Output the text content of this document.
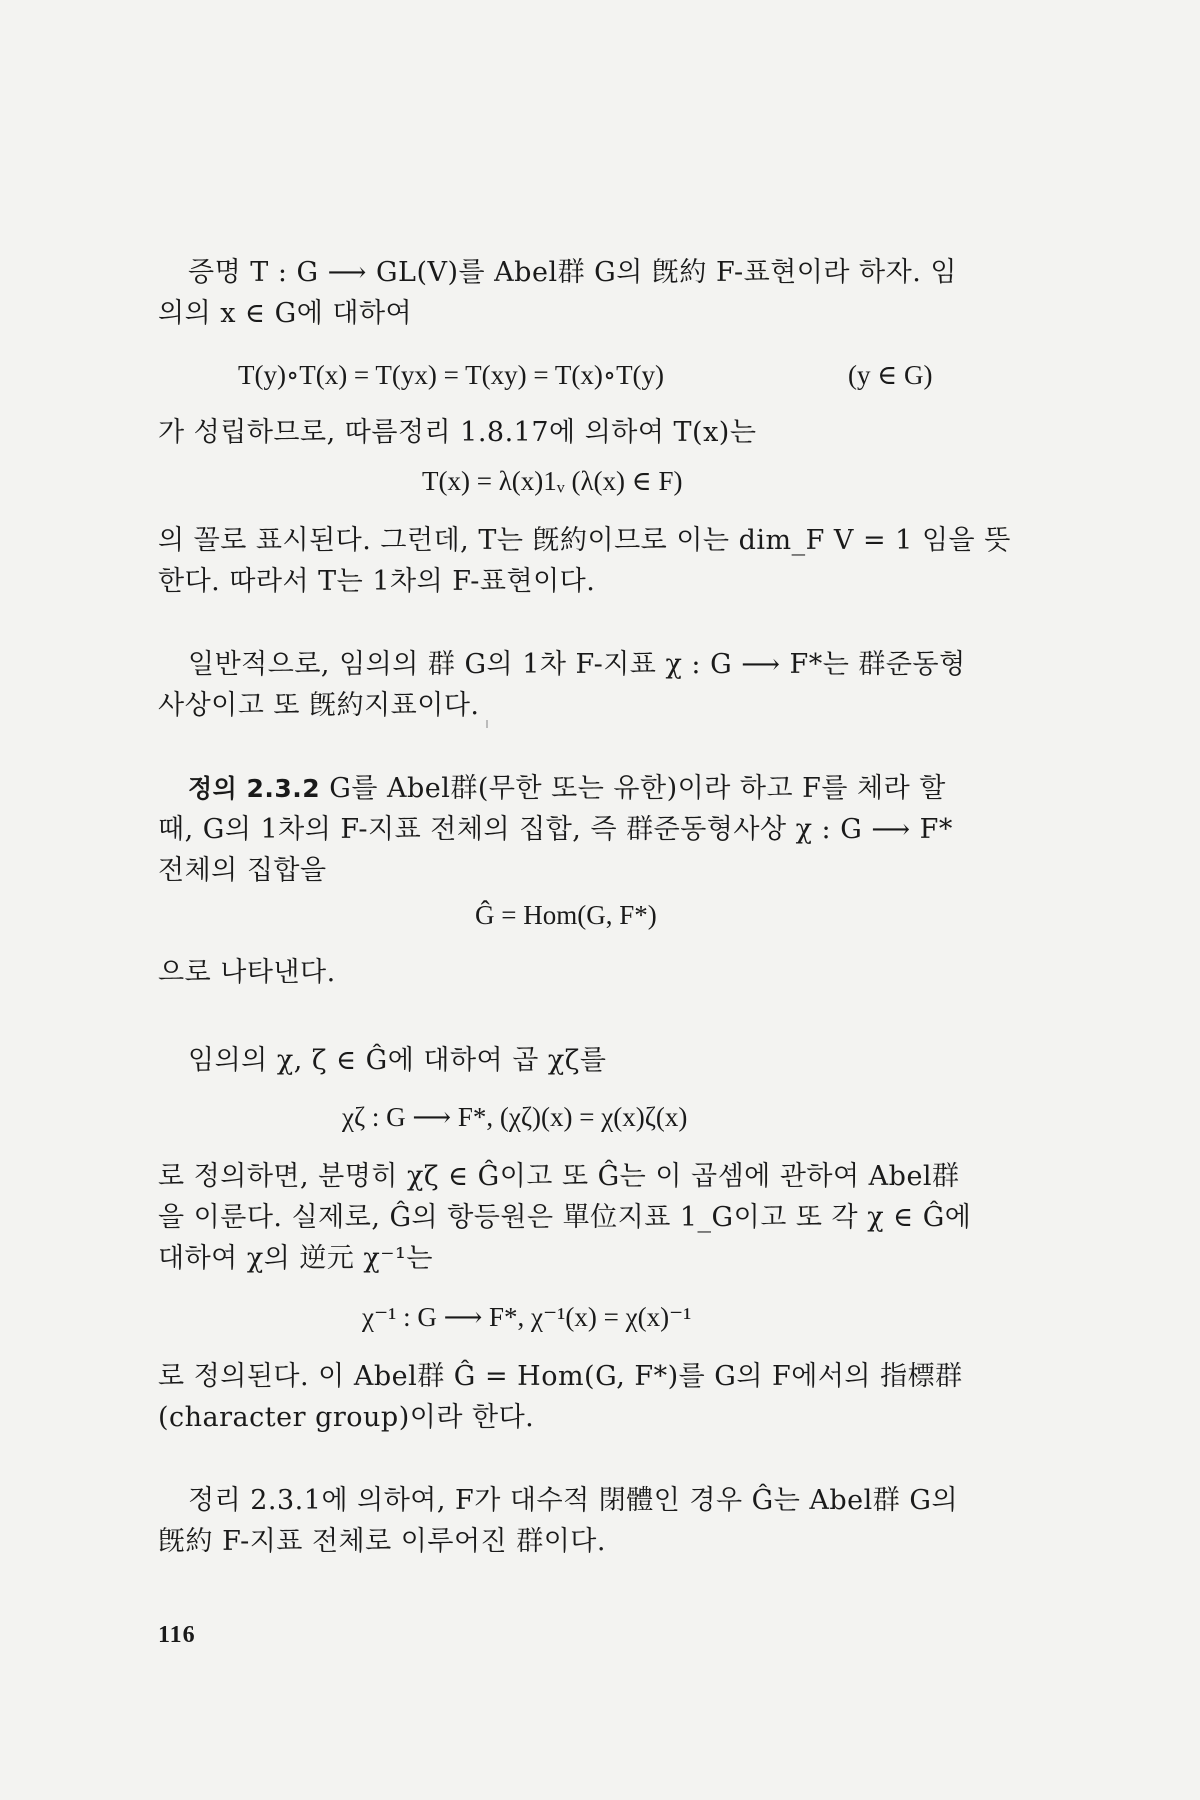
증명 T : G ⟶ GL(V)를 Abel群 G의 旣約 F-표현이라 하자. 임
의의 x ∈ G에 대하여
T(y)∘T(x) = T(yx) = T(xy) = T(x)∘T(y)	(y ∈ G)
가 성립하므로, 따름정리 1.8.17에 의하여 T(x)는
T(x) = λ(x)1ᵥ (λ(x) ∈ F)
의 꼴로 표시된다. 그런데, T는 旣約이므로 이는 dim_F V = 1 임을 뜻
한다. 따라서 T는 1차의 F-표현이다.
일반적으로, 임의의 群 G의 1차 F-지표 χ : G ⟶ F*는 群준동형
사상이고 또 旣約지표이다.
정의 2.3.2 G를 Abel群(무한 또는 유한)이라 하고 F를 체라 할
때, G의 1차의 F-지표 전체의 집합, 즉 群준동형사상 χ : G ⟶ F*
전체의 집합을
Ĝ = Hom(G, F*)
으로 나타낸다.
임의의 χ, ζ ∈ Ĝ에 대하여 곱 χζ를
χζ : G ⟶ F*, (χζ)(x) = χ(x)ζ(x)
로 정의하면, 분명히 χζ ∈ Ĝ이고 또 Ĝ는 이 곱셈에 관하여 Abel群
을 이룬다. 실제로, Ĝ의 항등원은 單位지표 1_G이고 또 각 χ ∈ Ĝ에
대하여 χ의 逆元 χ⁻¹는
χ⁻¹ : G ⟶ F*, χ⁻¹(x) = χ(x)⁻¹
로 정의된다. 이 Abel群 Ĝ = Hom(G, F*)를 G의 F에서의 指標群
(character group)이라 한다.
정리 2.3.1에 의하여, F가 대수적 閉體인 경우 Ĝ는 Abel群 G의
旣約 F-지표 전체로 이루어진 群이다.
116
